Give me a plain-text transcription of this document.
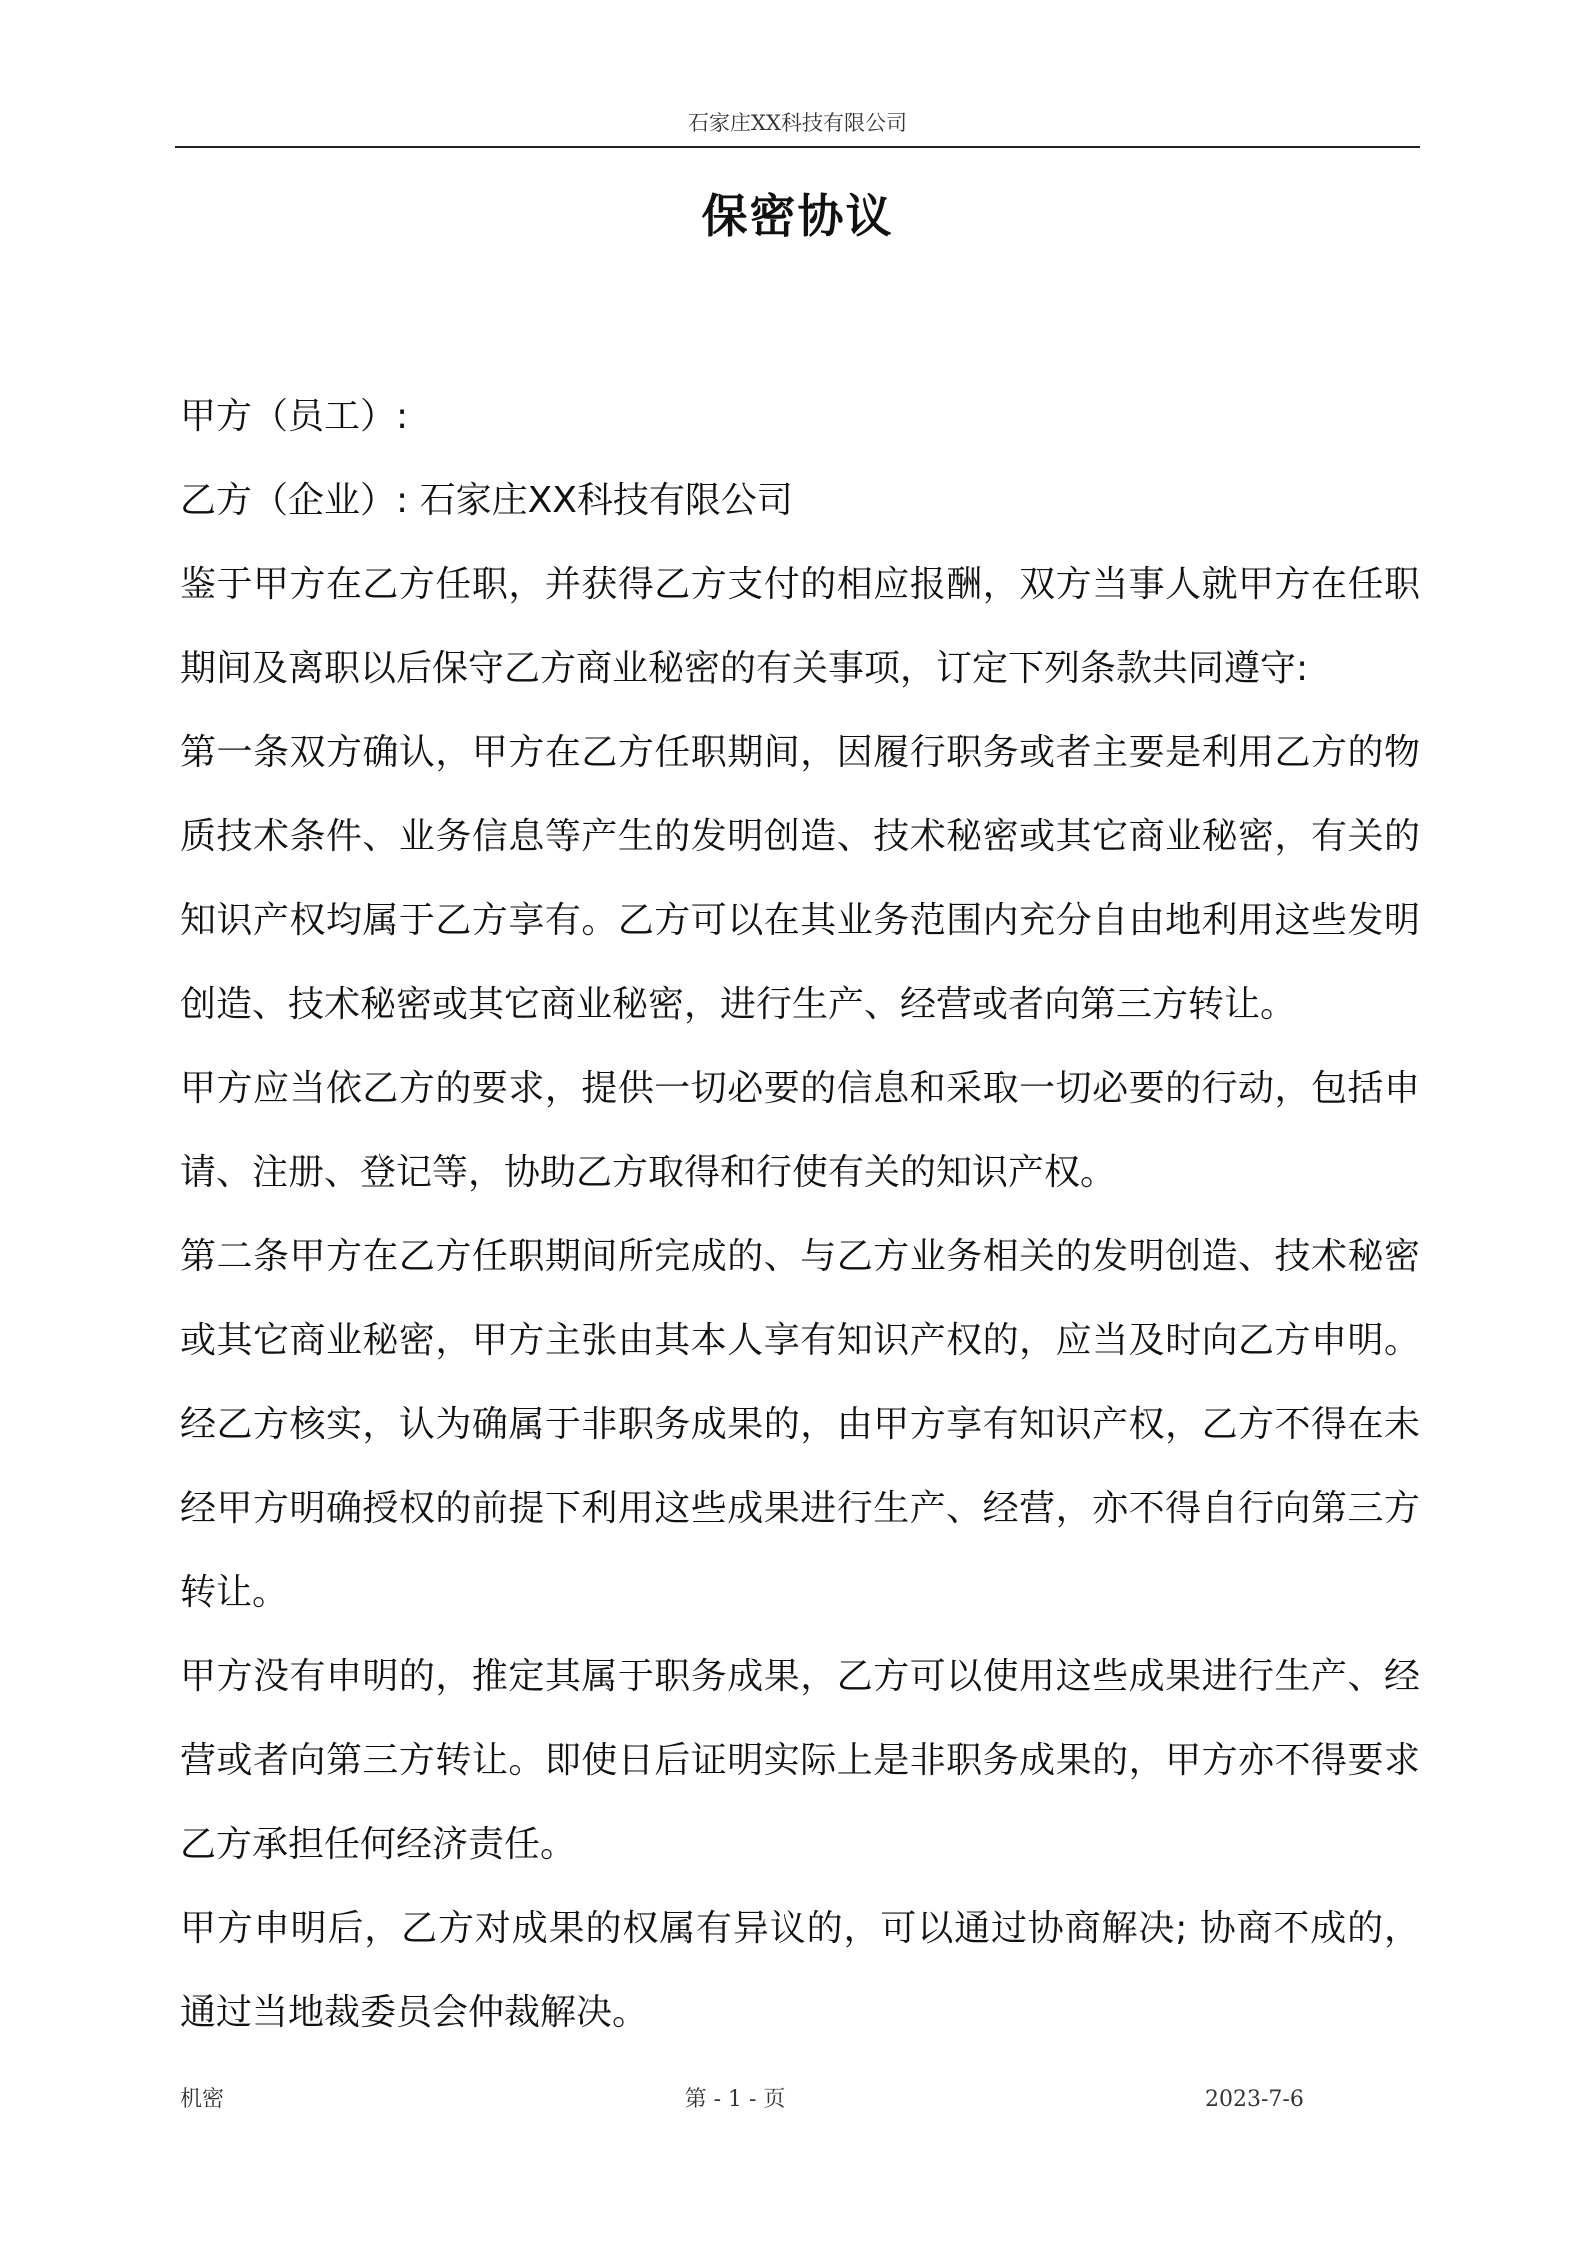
石家庄XX科技有限公司
保密协议

甲方（员工）:

乙方（企业）: 石家庄XX科技有限公司

鉴于甲方在乙方任职，并获得乙方支付的相应报酬，双方当事人就甲方在任职期间及离职以后保守乙方商业秘密的有关事项，订定下列条款共同遵守:

第一条双方确认，甲方在乙方任职期间，因履行职务或者主要是利用乙方的物质技术条件、业务信息等产生的发明创造、技术秘密或其它商业秘密，有关的知识产权均属于乙方享有。乙方可以在其业务范围内充分自由地利用这些发明创造、技术秘密或其它商业秘密，进行生产、经营或者向第三方转让。

甲方应当依乙方的要求，提供一切必要的信息和采取一切必要的行动，包括申请、注册、登记等，协助乙方取得和行使有关的知识产权。

第二条甲方在乙方任职期间所完成的、与乙方业务相关的发明创造、技术秘密或其它商业秘密，甲方主张由其本人享有知识产权的，应当及时向乙方申明。经乙方核实，认为确属于非职务成果的，由甲方享有知识产权，乙方不得在未经甲方明确授权的前提下利用这些成果进行生产、经营，亦不得自行向第三方转让。

甲方没有申明的，推定其属于职务成果，乙方可以使用这些成果进行生产、经营或者向第三方转让。即使日后证明实际上是非职务成果的，甲方亦不得要求乙方承担任何经济责任。

甲方申明后，乙方对成果的权属有异议的，可以通过协商解决; 协商不成的，通过当地裁委员会仲裁解决。

机密	第 - 1 - 页	2023-7-6
